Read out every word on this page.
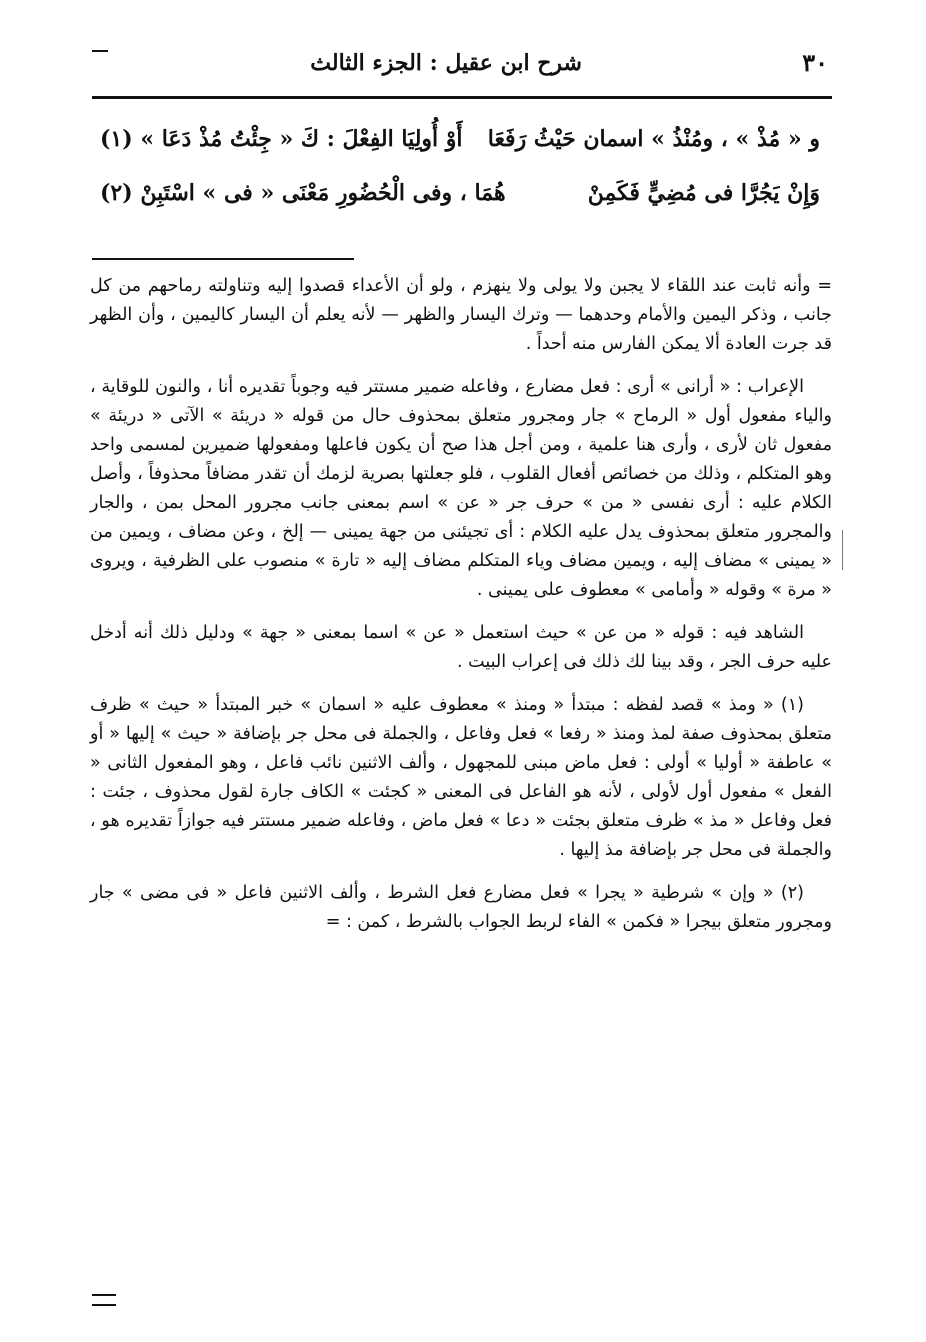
شرح ابن عقيل : الجزء الثالث	٣٠
و « مُذْ » ، ومُنْذُ » اسمان حَيْثُ رَفَعَا
أَوْ أُولِيَا الفِعْلَ : كَ « جِئْتُ مُذْ دَعَا » (١)
وَإِنْ يَجُرَّا فى مُضِيٍّ فَكَمِنْ
هُمَا ، وفى الْحُضُورِ مَعْنَى « فى » اسْتَبِنْ (٢)

= وأنه ثابت عند اللقاء لا يجبن ولا يولى ولا ينهزم ، ولو أن الأعداء قصدوا إليه وتناولته رماحهم من كل جانب ، وذكر اليمين والأمام وحدهما — وترك اليسار والظهر — لأنه يعلم أن اليسار كاليمين ، وأن الظهر قد جرت العادة ألا يمكن الفارس منه أحداً .

الإعراب : « أرانى » أرى : فعل مضارع ، وفاعله ضمير مستتر فيه وجوباً تقديره أنا ، والنون للوقاية ، والياء مفعول أول « الرماح » جار ومجرور متعلق بمحذوف حال من قوله « دريئة » الآتى « دريئة » مفعول ثان لأرى ، وأرى هنا علمية ، ومن أجل هذا صح أن يكون فاعلها ومفعولها ضميرين لمسمى واحد وهو المتكلم ، وذلك من خصائص أفعال القلوب ، فلو جعلتها بصرية لزمك أن تقدر مضافاً محذوفاً ، وأصل الكلام عليه : أرى نفسى « من » حرف جر « عن » اسم بمعنى جانب مجرور المحل بمن ، والجار والمجرور متعلق بمحذوف يدل عليه الكلام : أى تجيئنى من جهة يمينى — إلخ ، وعن مضاف ، ويمين من « يمينى » مضاف إليه ، ويمين مضاف وياء المتكلم مضاف إليه « تارة » منصوب على الظرفية ، ويروى « مرة » وقوله « وأمامى » معطوف على يمينى .

الشاهد فيه : قوله « من عن » حيث استعمل « عن » اسما بمعنى « جهة » ودليل ذلك أنه أدخل عليه حرف الجر ، وقد بينا لك ذلك فى إعراب البيت .

(١) « ومذ » قصد لفظه : مبتدأ « ومنذ » معطوف عليه « اسمان » خبر المبتدأ « حيث » ظرف متعلق بمحذوف صفة لمذ ومنذ « رفعا » فعل وفاعل ، والجملة فى محل جر بإضافة « حيث » إليها « أو » عاطفة « أوليا » أولى : فعل ماض مبنى للمجهول ، وألف الاثنين نائب فاعل ، وهو المفعول الثانى « الفعل » مفعول أول لأولى ، لأنه هو الفاعل فى المعنى « كجئت » الكاف جارة لقول محذوف ، جئت : فعل وفاعل « مذ » ظرف متعلق بجئت « دعا » فعل ماض ، وفاعله ضمير مستتر فيه جوازاً تقديره هو ، والجملة فى محل جر بإضافة مذ إليها .

(٢) « وإن » شرطية « يجرا » فعل مضارع فعل الشرط ، وألف الاثنين فاعل « فى مضى » جار ومجرور متعلق بيجرا « فكمن » الفاء لربط الجواب بالشرط ، كمن : =
